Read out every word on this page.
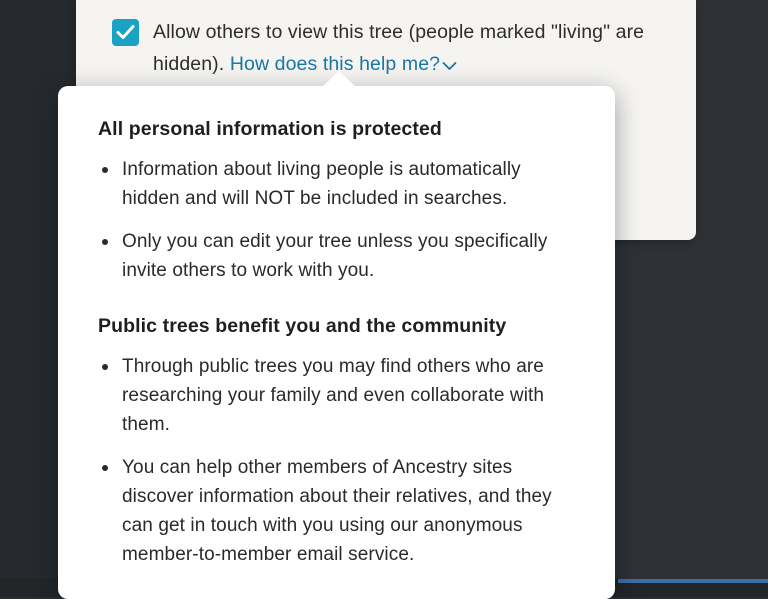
Allow others to view this tree (people marked "living" are hidden). How does this help me?
All personal information is protected
Information about living people is automatically hidden and will NOT be included in searches.
Only you can edit your tree unless you specifically invite others to work with you.
Public trees benefit you and the community
Through public trees you may find others who are researching your family and even collaborate with them.
You can help other members of Ancestry sites discover information about their relatives, and they can get in touch with you using our anonymous member-to-member email service.
